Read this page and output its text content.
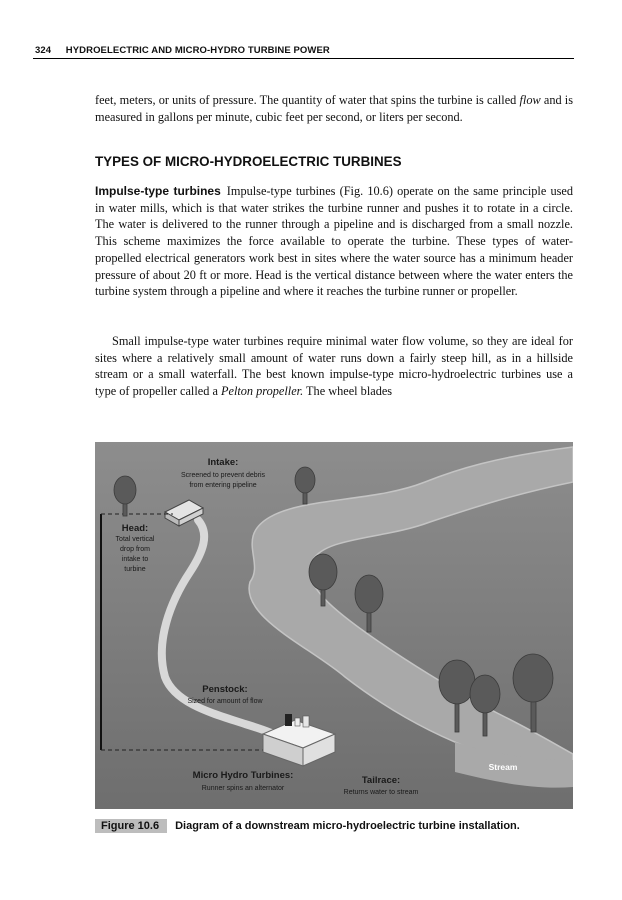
324 HYDROELECTRIC AND MICRO-HYDRO TURBINE POWER

feet, meters, or units of pressure. The quantity of water that spins the turbine is called flow and is measured in gallons per minute, cubic feet per second, or liters per second.

TYPES OF MICRO-HYDROELECTRIC TURBINES

Impulse-type turbines Impulse-type turbines (Fig. 10.6) operate on the same principle used in water mills, which is that water strikes the turbine runner and pushes it to rotate in a circle. The water is delivered to the runner through a pipeline and is discharged from a small nozzle. This scheme maximizes the force available to operate the turbine. These types of water-propelled electrical generators work best in sites where the water source has a minimum header pressure of about 20 ft or more. Head is the vertical distance between where the water enters the turbine system through a pipeline and where it reaches the turbine runner or propeller.

Small impulse-type water turbines require minimal water flow volume, so they are ideal for sites where a relatively small amount of water runs down a fairly steep hill, as in a hillside stream or a small waterfall. The best known impulse-type micro-hydroelectric turbines use a type of propeller called a Pelton propeller. The wheel blades

Intake:
Screened to prevent debris
from entering pipeline
Head:
Total vertical
drop from
intake to
turbine
Penstock:
Sized for amount of flow
Micro Hydro Turbines:
Runner spins an alternator
Tailrace:
Returns water to stream
Stream
Figure 10.6 Diagram of a downstream micro-hydroelectric turbine installation.
